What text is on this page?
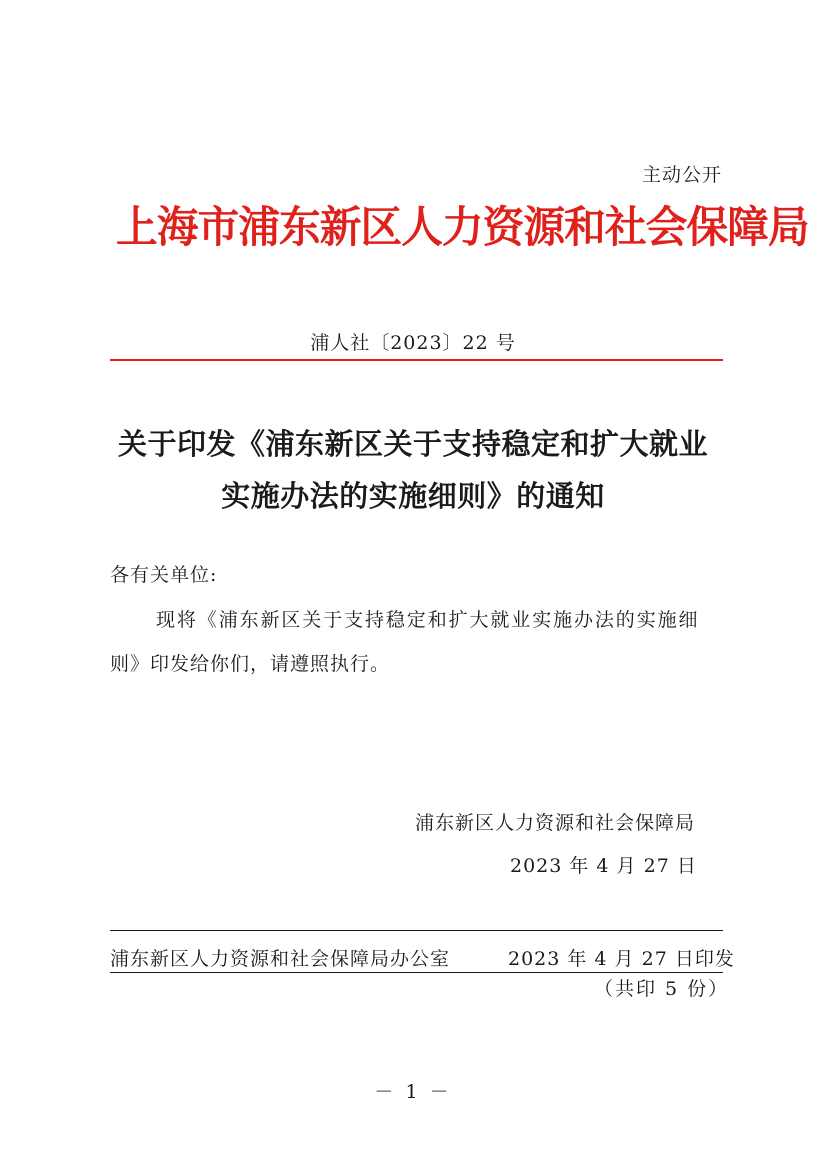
主动公开
上海市浦东新区人力资源和社会保障局
浦人社〔2023〕22 号
关于印发《浦东新区关于支持稳定和扩大就业
实施办法的实施细则》的通知
各有关单位:
现将《浦东新区关于支持稳定和扩大就业实施办法的实施细
则》印发给你们，请遵照执行。
浦东新区人力资源和社会保障局
2023 年 4 月 27 日
浦东新区人力资源和社会保障局办公室	2023 年 4 月 27 日印发
（共印 5 份）
－ 1 －
